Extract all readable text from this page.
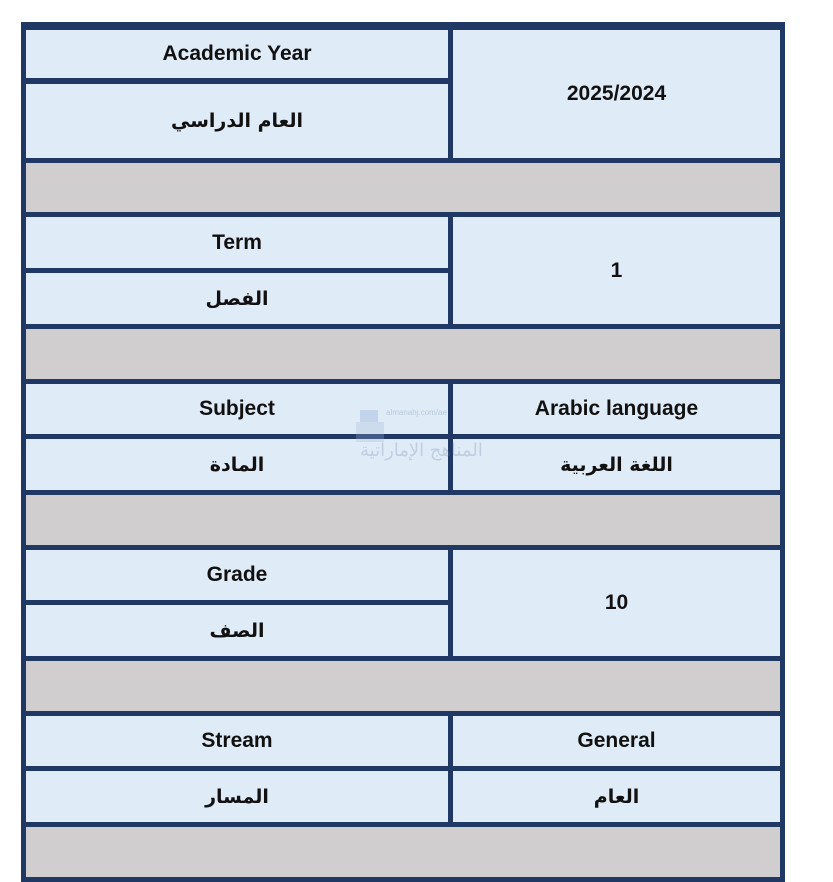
Academic Year
العام الدراسي
2025/2024
Term
الفصل
1
Subject
المادة
Arabic language
اللغة العربية
Grade
الصف
10
Stream
المسار
General
العام
almanahj.com/ae
المناهج الإماراتية
